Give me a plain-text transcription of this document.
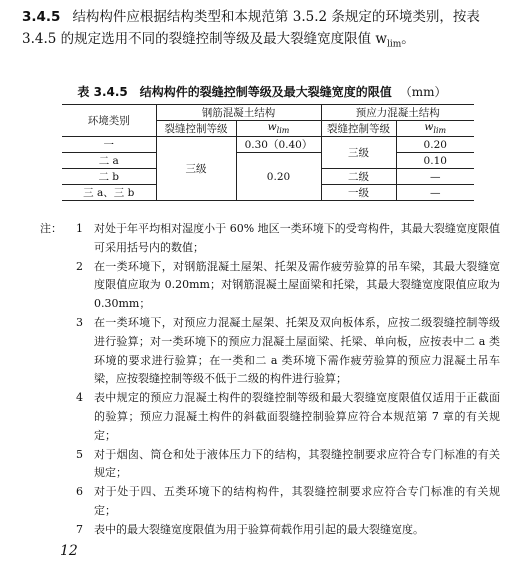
3.4.5 结构构件应根据结构类型和本规范第 3.5.2 条规定的环境类别，按表 3.4.5 的规定选用不同的裂缝控制等级及最大裂缝宽度限值 $w_{lim}$。
表 3.4.5 结构构件的裂缝控制等级及最大裂缝宽度的限值 （mm）
环境类别	钢筋混凝土结构		预应力混凝土结构	
	裂缝控制等级	$w_{lim}$	裂缝控制等级	$w_{lim}$
一	三级	0.30（0.40）	三级	0.20
二 a		0.20		0.10
二 b			二级	—
三 a、三 b			一级	—
注：	1	对处于年平均相对湿度小于 60% 地区一类环境下的受弯构件，其最大裂缝宽度限值可采用括号内的数值；
2	在一类环境下，对钢筋混凝土屋架、托架及需作疲劳验算的吊车梁，其最大裂缝宽度限值应取为 0.20mm；对钢筋混凝土屋面梁和托梁，其最大裂缝宽度限值应取为 0.30mm；
3	在一类环境下，对预应力混凝土屋架、托架及双向板体系，应按二级裂缝控制等级进行验算；对一类环境下的预应力混凝土屋面梁、托梁、单向板，应按表中二 a 类环境的要求进行验算；在一类和二 a 类环境下需作疲劳验算的预应力混凝土吊车梁，应按裂缝控制等级不低于二级的构件进行验算；
4	表中规定的预应力混凝土构件的裂缝控制等级和最大裂缝宽度限值仅适用于正截面的验算；预应力混凝土构件的斜截面裂缝控制验算应符合本规范第 7 章的有关规定；
5	对于烟囱、筒仓和处于液体压力下的结构，其裂缝控制要求应符合专门标准的有关规定；
6	对于处于四、五类环境下的结构构件，其裂缝控制要求应符合专门标准的有关规定；
7	表中的最大裂缝宽度限值为用于验算荷载作用引起的最大裂缝宽度。
12
